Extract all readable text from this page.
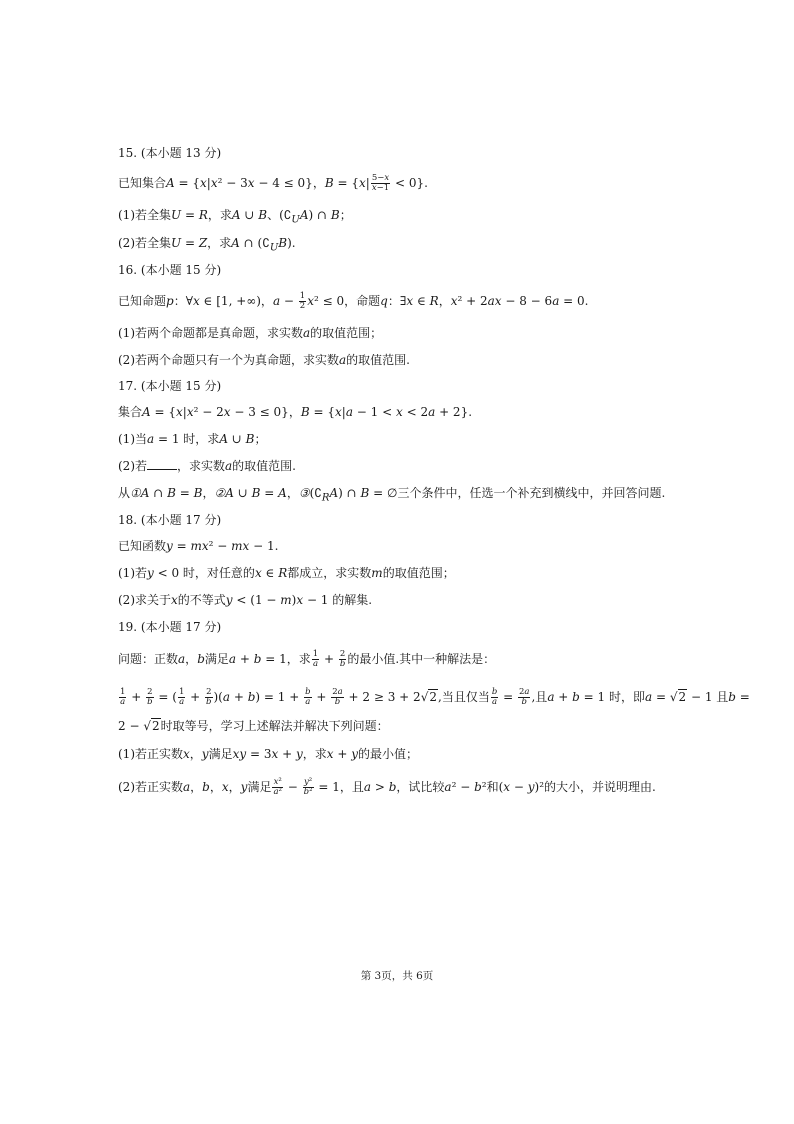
15. (本小题 13 分)
已知集合A = {x|x² − 3x − 4 ≤ 0}，$B = \{x| \frac{5-x}{x-1} < 0\}$.
(1)若全集U = R，求A ∪ B、$(∁_UA)$ ∩ B；
(2)若全集U = Z，求A ∩ $(∁_UB)$.
16. (本小题 15 分)
已知命题p：∀x ∈ [1, +∞)，$a - \frac{1}{2} x^2 \le 0$，命题q：∃x ∈ R，x² + 2ax − 8 − 6a = 0.
(1)若两个命题都是真命题，求实数a的取值范围；
(2)若两个命题只有一个为真命题，求实数a的取值范围.
17. (本小题 15 分)
集合A = {x|x² − 2x − 3 ≤ 0}，B = {x|a − 1 < x < 2a + 2}.
(1)当a = 1 时，求A ∪ B；
(2)若	，求实数a的取值范围.
从①A ∩ B = B，②A ∪ B = A，$③(∁_RA)$ ∩ B = ∅三个条件中，任选一个补充到横线中，并回答问题.
18. (本小题 17 分)
已知函数y = mx² − mx − 1.
(1)若y < 0 时，对任意的x ∈ R都成立，求实数m的取值范围；
(2)求关于x的不等式y < (1 − m)x − 1 的解集.
19. (本小题 17 分)
问题：正数a，b满足a + b = 1，求 $\frac{1}{a} + \frac{2}{b}$ 的最小值.其中一种解法是：
$\frac{1}{a} + \frac{2}{b}$ = ( $\frac{1}{a} + \frac{2}{b} )(a + b) = 1 + \frac{b}{a} + \frac{2a}{b} + 2 \ge 3 + 2√2$,当且仅当 $\frac{b}{a} = \frac{2a}{b}$ ,且a + b = 1 时，即a = √2 − 1 且b =
2 − √2时取等号，学习上述解法并解决下列问题：
(1)若正实数x，y满足xy = 3x + y，求x + y的最小值；
(2)若正实数a，b，x，y满足 $\frac{\text{x²}}{\text{a²}} - \frac{\text{y²}}{\text{b²}} = 1$，且a > b，试比较a² − b²和(x − y)²的大小，并说明理由.
第 3页，共 6页
